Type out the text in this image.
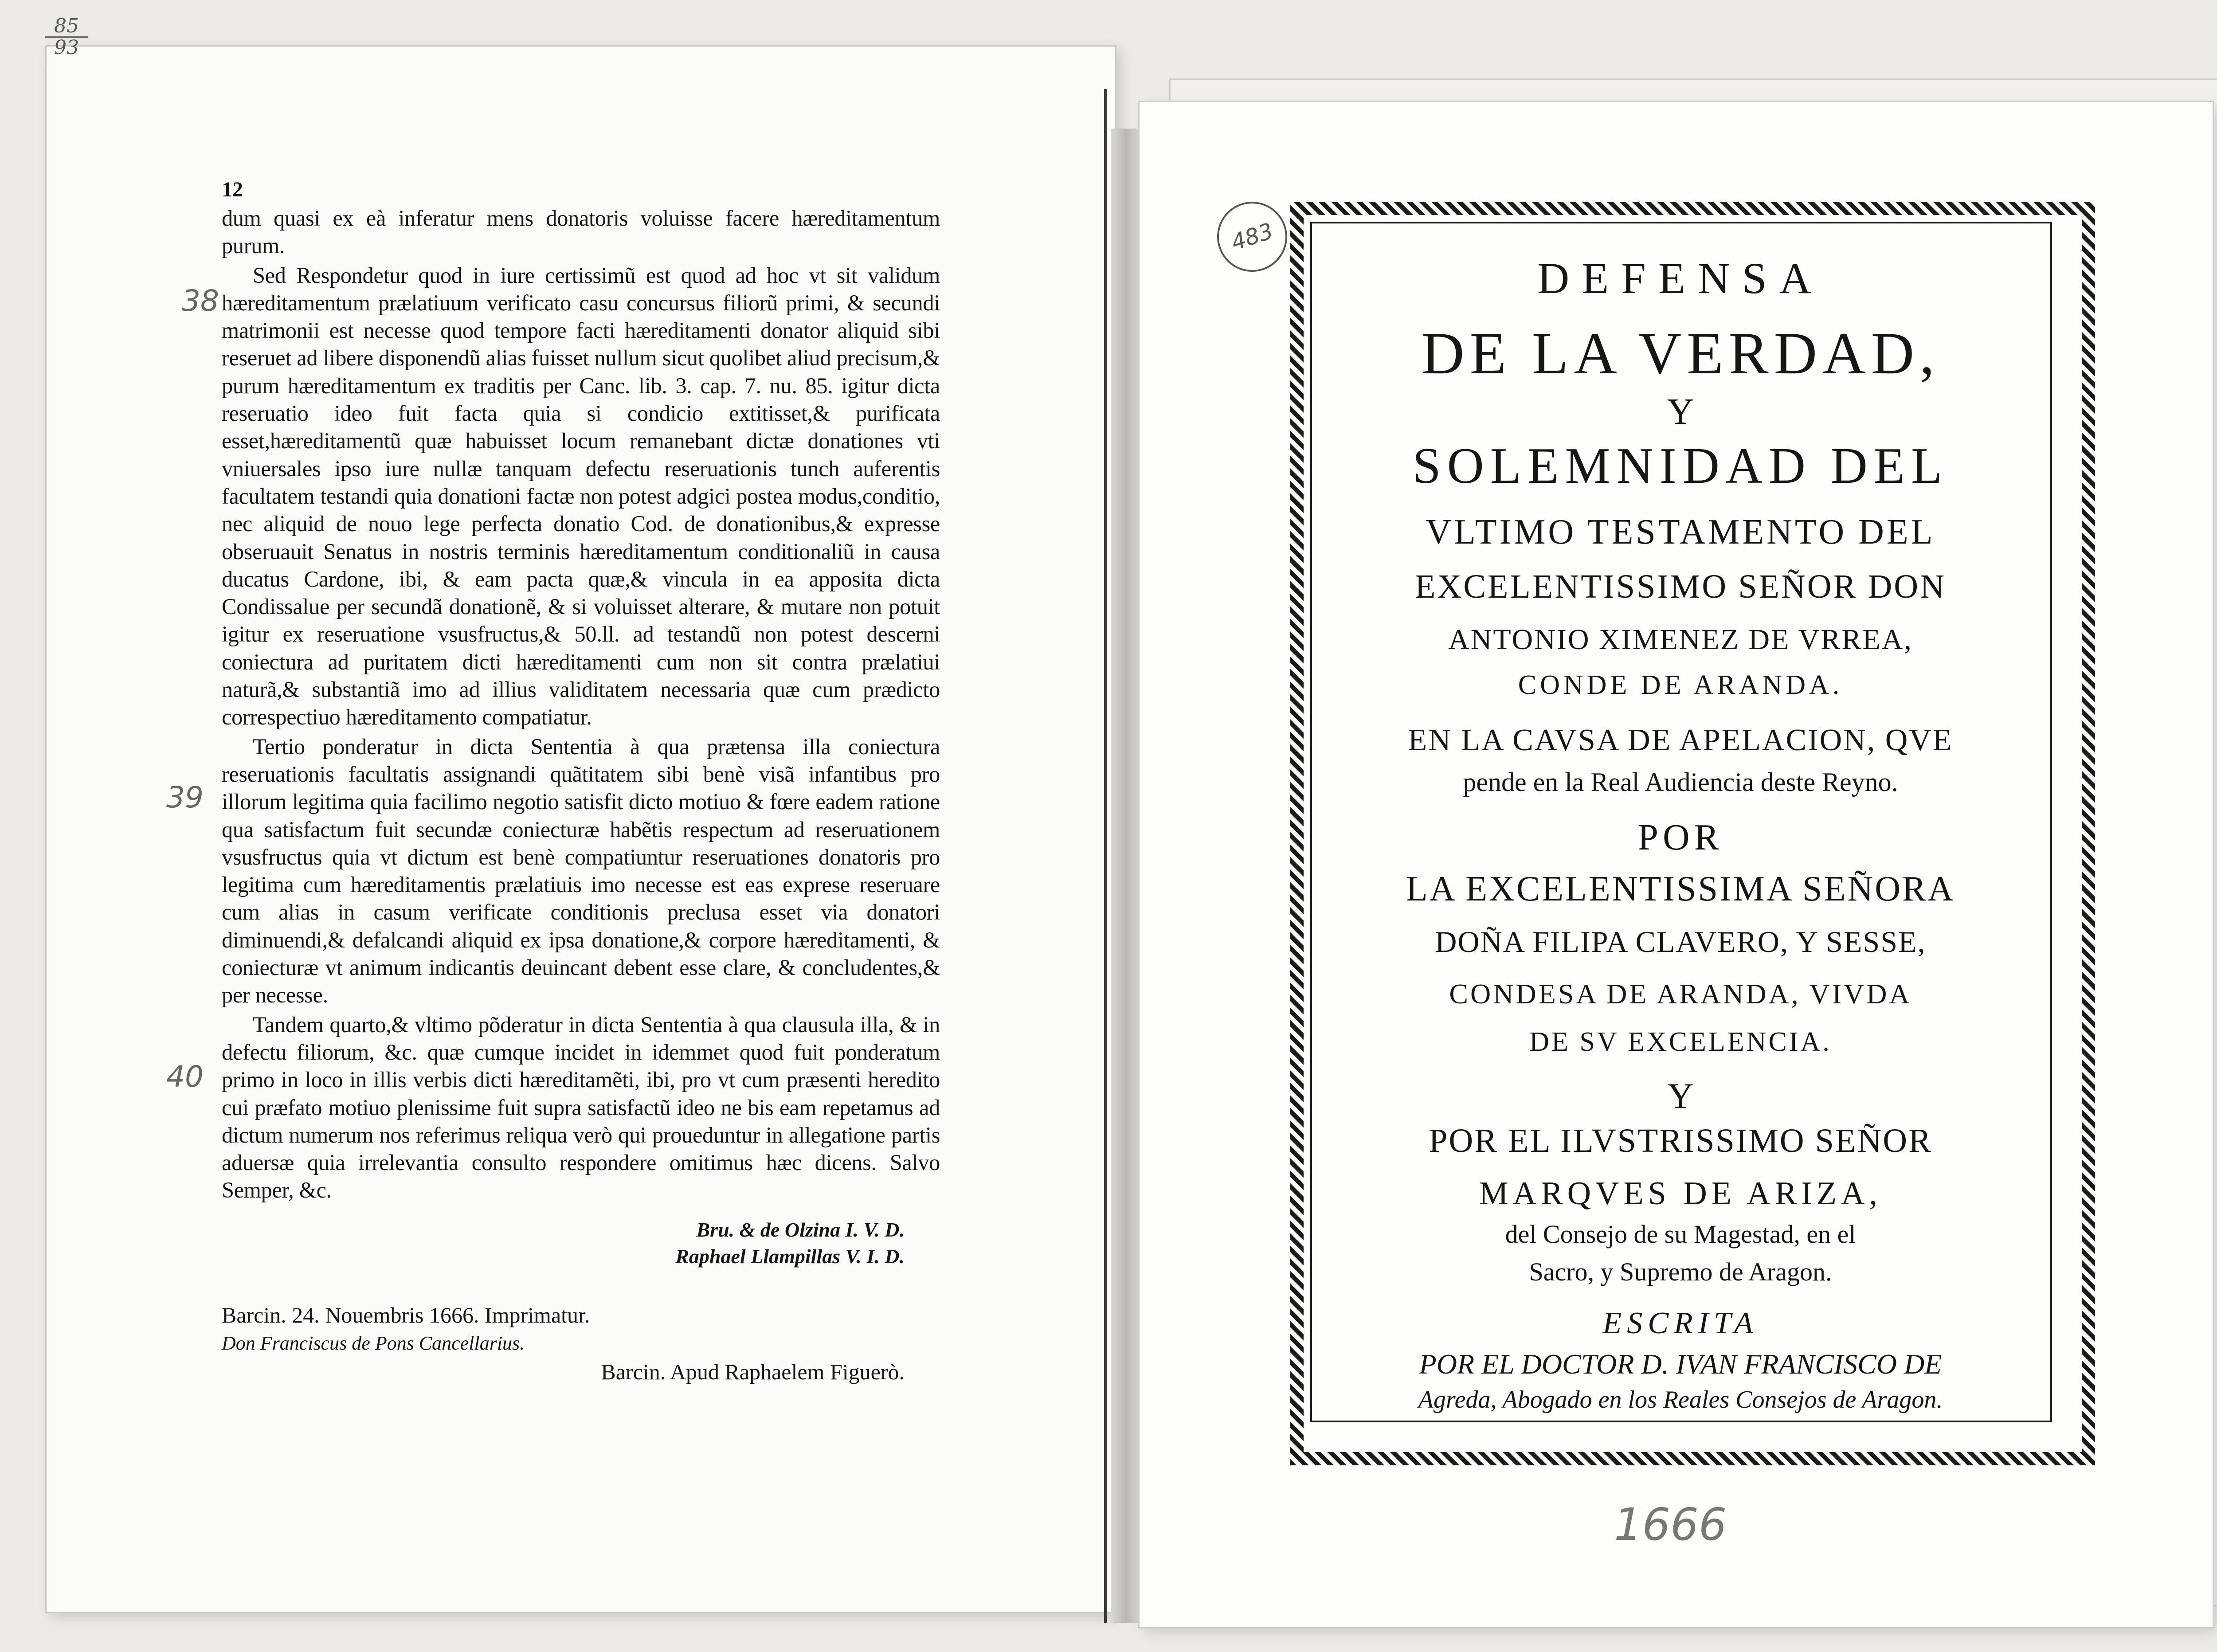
85
93
38
39
40
12

dum quasi ex eà inferatur mens donatoris voluisse facere hæreditamentum purum.

Sed Respondetur quod in iure certissimũ est quod ad hoc vt sit validum hæreditamentum prælatiuum verificato casu concursus filiorũ primi, & secundi matrimonii est necesse quod tempore facti hæreditamenti donator aliquid sibi reseruet ad libere disponendũ alias fuisset nullum sicut quolibet aliud precisum,& purum hæreditamentum ex traditis per Canc. lib. 3. cap. 7. nu. 85. igitur dicta reseruatio ideo fuit facta quia si condicio extitisset,& purificata esset,hæreditamentũ quæ habuisset locum remanebant dictæ donationes vti vniuersales ipso iure nullæ tanquam defectu reseruationis tunch auferentis facultatem testandi quia donationi factæ non potest adgici postea modus,conditio, nec aliquid de nouo lege perfecta donatio Cod. de donationibus,& expresse obseruauit Senatus in nostris terminis hæreditamentum conditionaliũ in causa ducatus Cardone, ibi, & eam pacta quæ,& vincula in ea apposita dicta Condissalue per secundã donationẽ, & si voluisset alterare, & mutare non potuit igitur ex reseruatione vsusfructus,& 50.ll. ad testandũ non potest descerni coniectura ad puritatem dicti hæreditamenti cum non sit contra prælatiui naturã,& substantiã imo ad illius validitatem necessaria quæ cum prædicto correspectiuo hæreditamento compatiatur.

Tertio ponderatur in dicta Sententia à qua prætensa illa coniectura reseruationis facultatis assignandi quãtitatem sibi benè visã infantibus pro illorum legitima quia facilimo negotio satisfit dicto motiuo & fœre eadem ratione qua satisfactum fuit secundæ coniecturæ habẽtis respectum ad reseruationem vsusfructus quia vt dictum est benè compatiuntur reseruationes donatoris pro legitima cum hæreditamentis prælatiuis imo necesse est eas exprese reseruare cum alias in casum verificate conditionis preclusa esset via donatori diminuendi,& defalcandi aliquid ex ipsa donatione,& corpore hæreditamenti, & coniecturæ vt animum indicantis deuincant debent esse clare, & concludentes,& per necesse.

Tandem quarto,& vltimo põderatur in dicta Sententia à qua clausula illa, & in defectu filiorum, &c. quæ cumque incidet in idemmet quod fuit ponderatum primo in loco in illis verbis dicti hæreditamẽti, ibi, pro vt cum præsenti heredito cui præfato motiuo plenissime fuit supra satisfactũ ideo ne bis eam repetamus ad dictum numerum nos referimus reliqua verò qui proueduntur in allegatione partis aduersæ quia irrelevantia consulto respondere omitimus hæc dicens. Salvo Semper, &c.

Bru. & de Olzina I. V. D.
Raphael Llampillas V. I. D.
Barcin. 24. Nouembris 1666. Imprimatur.
Don Franciscus de Pons Cancellarius.
Barcin. Apud Raphaelem Figuerò.
483
DEFENSA
DE LA VERDAD,
Y
SOLEMNIDAD DEL
VLTIMO TESTAMENTO DEL
EXCELENTISSIMO SEÑOR DON
ANTONIO XIMENEZ DE VRREA,
CONDE DE ARANDA.
EN LA CAVSA DE APELACION, QVE
pende en la Real Audiencia deste Reyno.
POR
LA EXCELENTISSIMA SEÑORA
DOÑA FILIPA CLAVERO, Y SESSE,
CONDESA DE ARANDA, VIVDA
DE SV EXCELENCIA.
Y
POR EL ILVSTRISSIMO SEÑOR
MARQVES DE ARIZA,
del Consejo de su Magestad, en el
Sacro, y Supremo de Aragon.
ESCRITA
POR EL DOCTOR D. IVAN FRANCISCO DE
Agreda, Abogado en los Reales Consejos de Aragon.
1666
